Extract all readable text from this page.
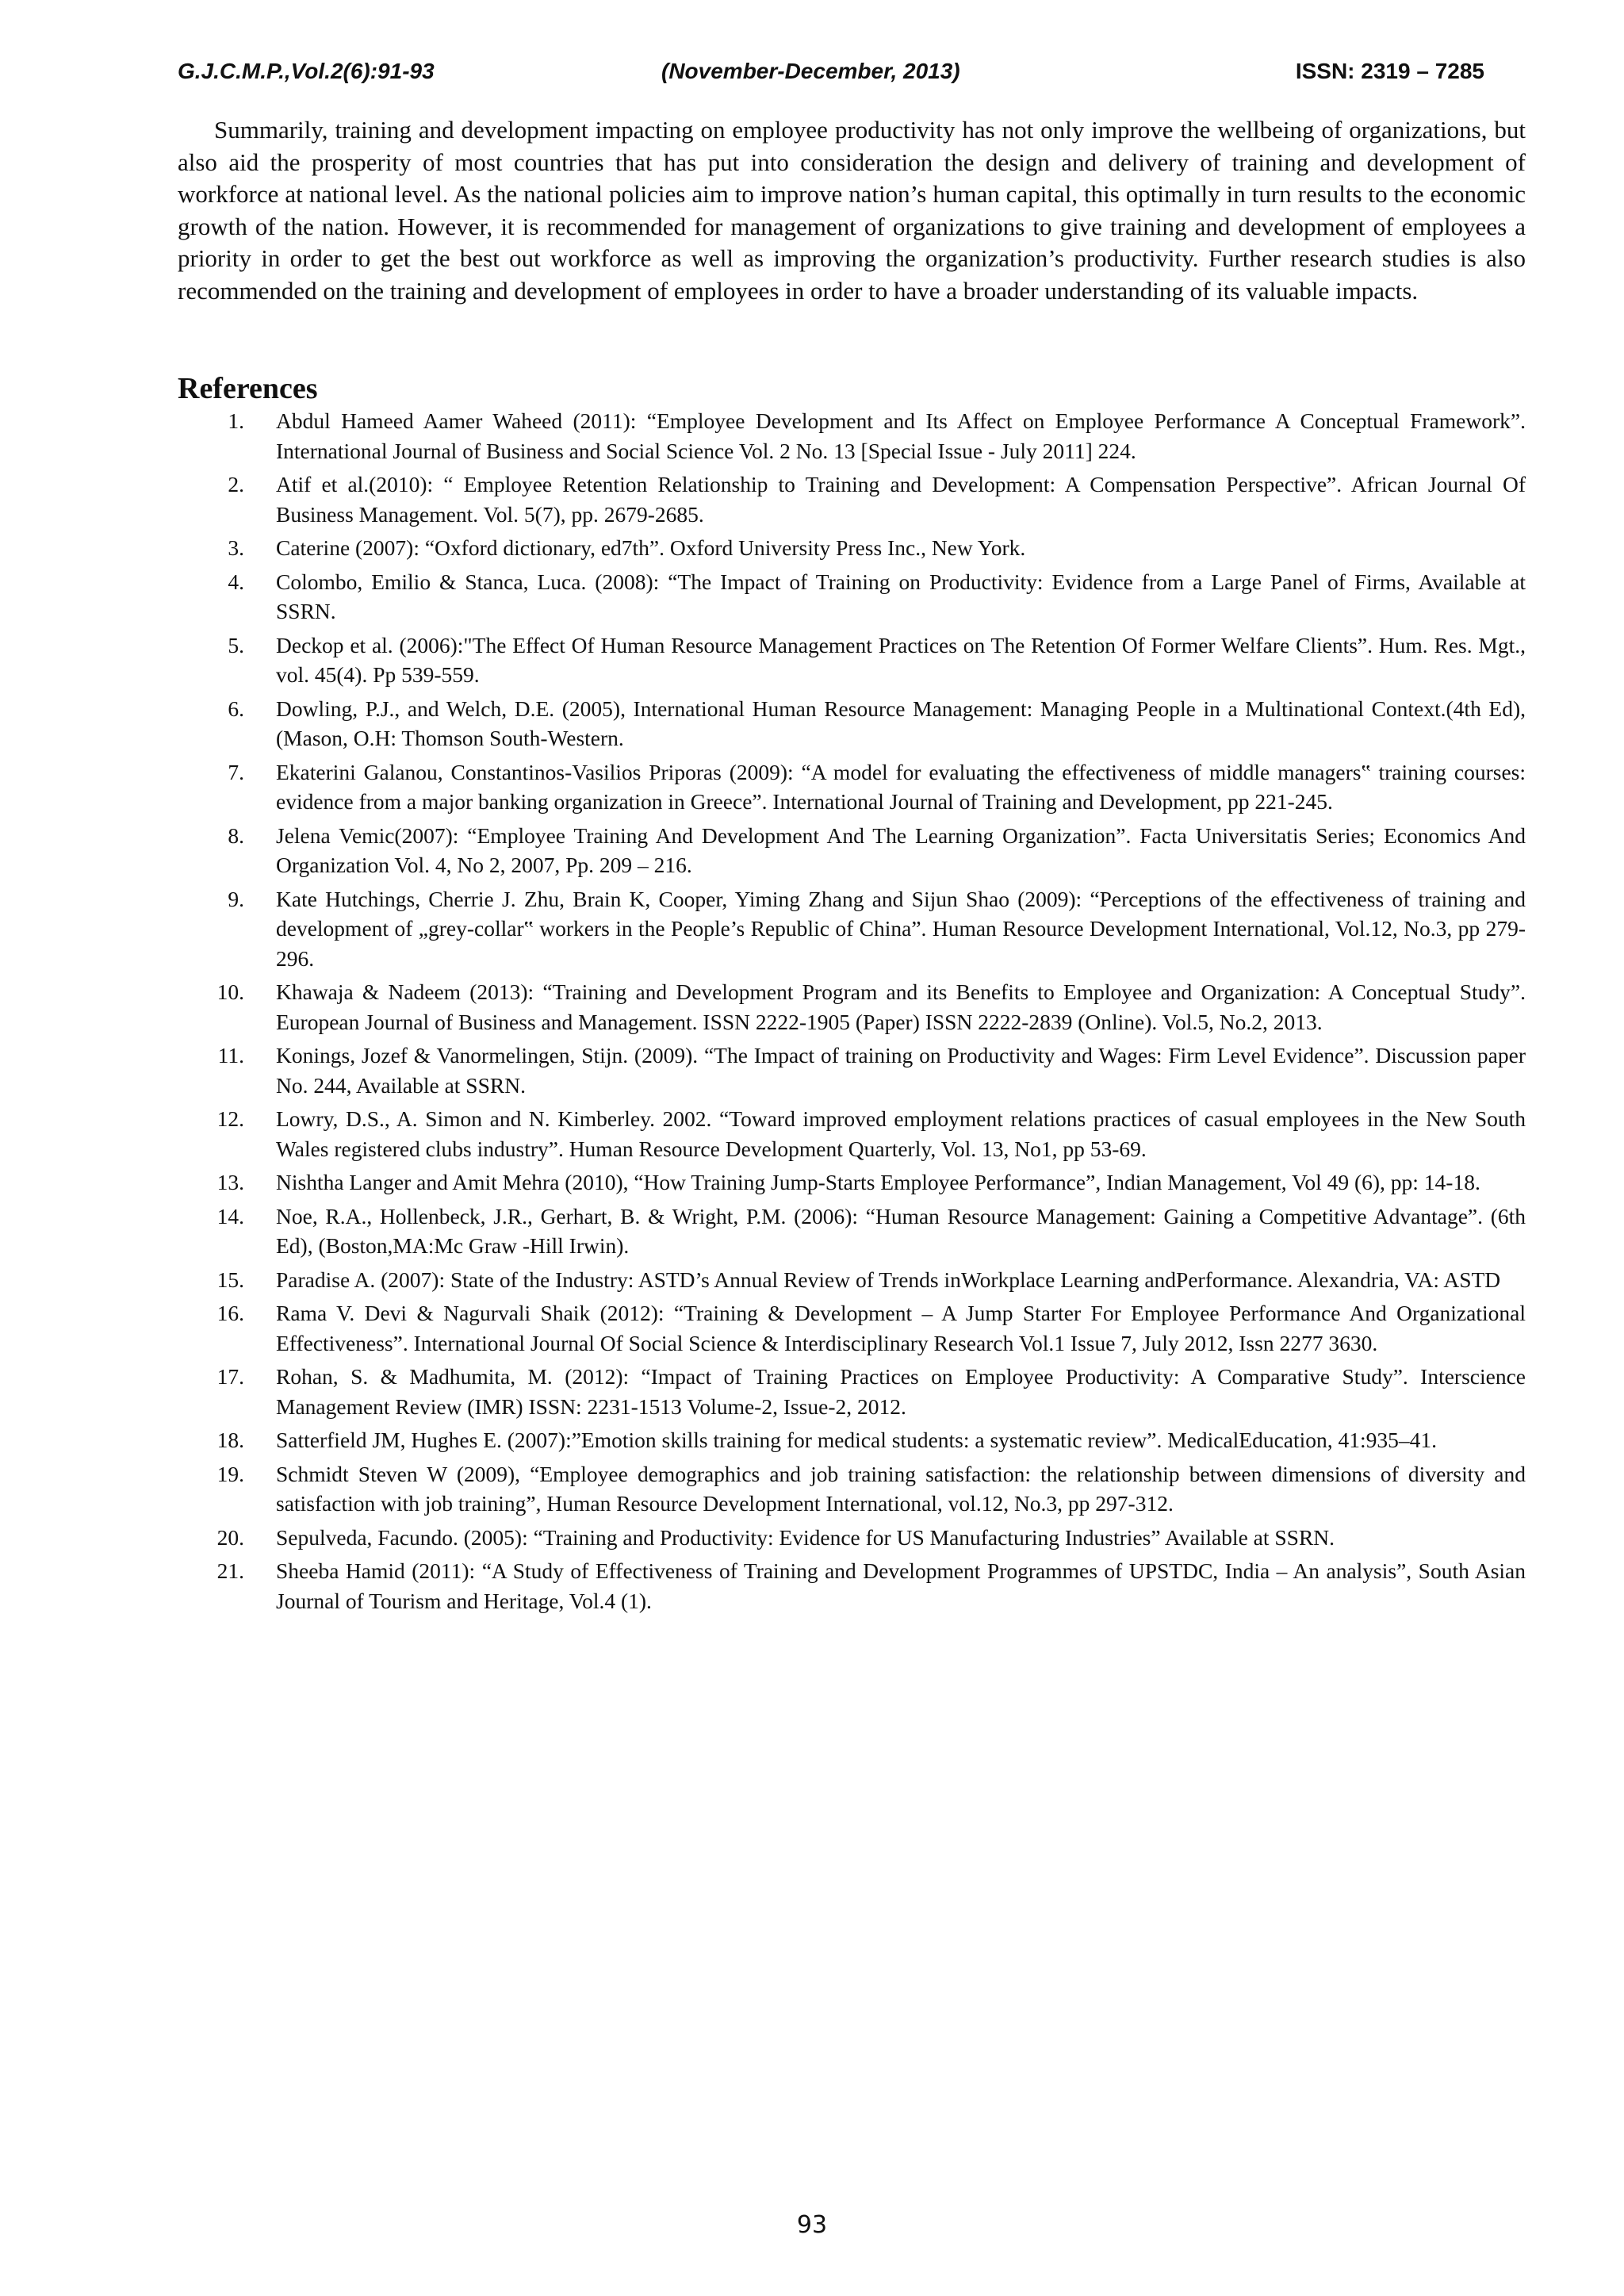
G.J.C.M.P.,Vol.2(6):91-93	(November-December, 2013)	ISSN: 2319 – 7285

Summarily, training and development impacting on employee productivity has not only improve the wellbeing of organizations, but also aid the prosperity of most countries that has put into consideration the design and delivery of training and development of workforce at national level. As the national policies aim to improve nation’s human capital, this optimally in turn results to the economic growth of the nation. However, it is recommended for management of organizations to give training and development of employees a priority in order to get the best out workforce as well as improving the organization’s productivity. Further research studies is also recommended on the training and development of employees in order to have a broader understanding of its valuable impacts.

References
1. Abdul Hameed Aamer Waheed (2011): “Employee Development and Its Affect on Employee Performance A Conceptual Framework”. International Journal of Business and Social Science Vol. 2 No. 13 [Special Issue - July 2011] 224.
2. Atif et al.(2010): “ Employee Retention Relationship to Training and Development: A Compensation Perspective”. African Journal Of Business Management. Vol. 5(7), pp. 2679-2685.
3. Caterine (2007): “Oxford dictionary, ed7th”. Oxford University Press Inc., New York.
4. Colombo, Emilio & Stanca, Luca. (2008): “The Impact of Training on Productivity: Evidence from a Large Panel of Firms, Available at SSRN.
5. Deckop et al. (2006):"The Effect Of Human Resource Management Practices on The Retention Of Former Welfare Clients”. Hum. Res. Mgt., vol. 45(4). Pp 539-559.
6. Dowling, P.J., and Welch, D.E. (2005), International Human Resource Management: Managing People in a Multinational Context.(4th Ed), (Mason, O.H: Thomson South-Western.
7. Ekaterini Galanou, Constantinos-Vasilios Priporas (2009): “A model for evaluating the effectiveness of middle managers‟ training courses: evidence from a major banking organization in Greece”. International Journal of Training and Development, pp 221-245.
8. Jelena Vemic(2007): “Employee Training And Development And The Learning Organization”. Facta Universitatis Series; Economics And Organization Vol. 4, No 2, 2007, Pp. 209 – 216.
9. Kate Hutchings, Cherrie J. Zhu, Brain K, Cooper, Yiming Zhang and Sijun Shao (2009): “Perceptions of the effectiveness of training and development of „grey-collar‟ workers in the People’s Republic of China”. Human Resource Development International, Vol.12, No.3, pp 279-296.
10. Khawaja & Nadeem (2013): “Training and Development Program and its Benefits to Employee and Organization: A Conceptual Study”. European Journal of Business and Management. ISSN 2222-1905 (Paper) ISSN 2222-2839 (Online). Vol.5, No.2, 2013.
11. Konings, Jozef & Vanormelingen, Stijn. (2009). “The Impact of training on Productivity and Wages: Firm Level Evidence”. Discussion paper No. 244, Available at SSRN.
12. Lowry, D.S., A. Simon and N. Kimberley. 2002. “Toward improved employment relations practices of casual employees in the New South Wales registered clubs industry”. Human Resource Development Quarterly, Vol. 13, No1, pp 53-69.
13. Nishtha Langer and Amit Mehra (2010), “How Training Jump-Starts Employee Performance”, Indian Management, Vol 49 (6), pp: 14-18.
14. Noe, R.A., Hollenbeck, J.R., Gerhart, B. & Wright, P.M. (2006): “Human Resource Management: Gaining a Competitive Advantage”. (6th Ed), (Boston,MA:Mc Graw -Hill Irwin).
15. Paradise A. (2007): State of the Industry: ASTD’s Annual Review of Trends inWorkplace Learning andPerformance. Alexandria, VA: ASTD
16. Rama V. Devi & Nagurvali Shaik (2012): “Training & Development – A Jump Starter For Employee Performance And Organizational Effectiveness”. International Journal Of Social Science & Interdisciplinary Research Vol.1 Issue 7, July 2012, Issn 2277 3630.
17. Rohan, S. & Madhumita, M. (2012): “Impact of Training Practices on Employee Productivity: A Comparative Study”. Interscience Management Review (IMR) ISSN: 2231-1513 Volume-2, Issue-2, 2012.
18. Satterfield JM, Hughes E. (2007):”Emotion skills training for medical students: a systematic review”. MedicalEducation, 41:935–41.
19. Schmidt Steven W (2009), “Employee demographics and job training satisfaction: the relationship between dimensions of diversity and satisfaction with job training”, Human Resource Development International, vol.12, No.3, pp 297-312.
20. Sepulveda, Facundo. (2005): “Training and Productivity: Evidence for US Manufacturing Industries” Available at SSRN.
21. Sheeba Hamid (2011): “A Study of Effectiveness of Training and Development Programmes of UPSTDC, India – An analysis”, South Asian Journal of Tourism and Heritage, Vol.4 (1).
93
